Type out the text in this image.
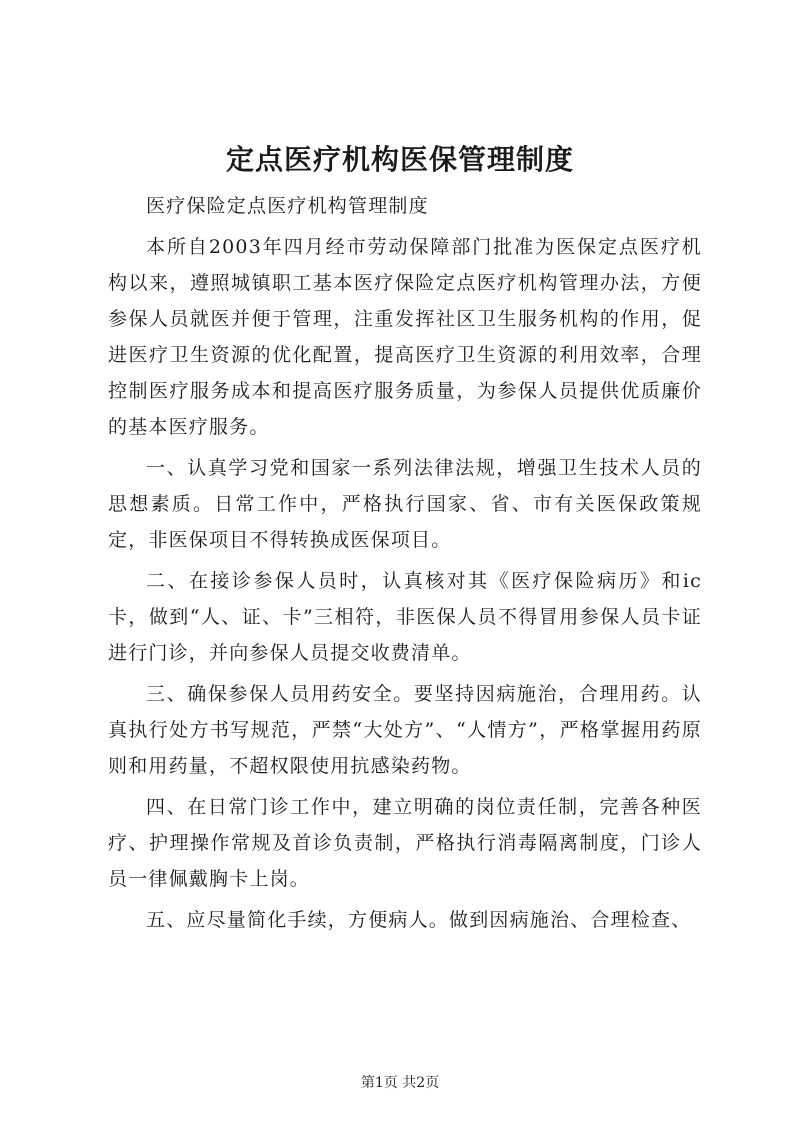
定点医疗机构医保管理制度

医疗保险定点医疗机构管理制度

本所自2003年四月经市劳动保障部门批准为医保定点医疗机构以来，遵照城镇职工基本医疗保险定点医疗机构管理办法，方便参保人员就医并便于管理，注重发挥社区卫生服务机构的作用，促进医疗卫生资源的优化配置，提高医疗卫生资源的利用效率，合理控制医疗服务成本和提高医疗服务质量，为参保人员提供优质廉价的基本医疗服务。

一、认真学习党和国家一系列法律法规，增强卫生技术人员的思想素质。日常工作中，严格执行国家、省、市有关医保政策规定，非医保项目不得转换成医保项目。

二、在接诊参保人员时，认真核对其《医疗保险病历》和ic卡，做到“人、证、卡”三相符，非医保人员不得冒用参保人员卡证进行门诊，并向参保人员提交收费清单。

三、确保参保人员用药安全。要坚持因病施治，合理用药。认真执行处方书写规范，严禁“大处方”、“人情方”，严格掌握用药原则和用药量，不超权限使用抗感染药物。

四、在日常门诊工作中，建立明确的岗位责任制，完善各种医疗、护理操作常规及首诊负责制，严格执行消毒隔离制度，门诊人员一律佩戴胸卡上岗。

五、应尽量简化手续，方便病人。做到因病施治、合理检查、

第1页 共2页
